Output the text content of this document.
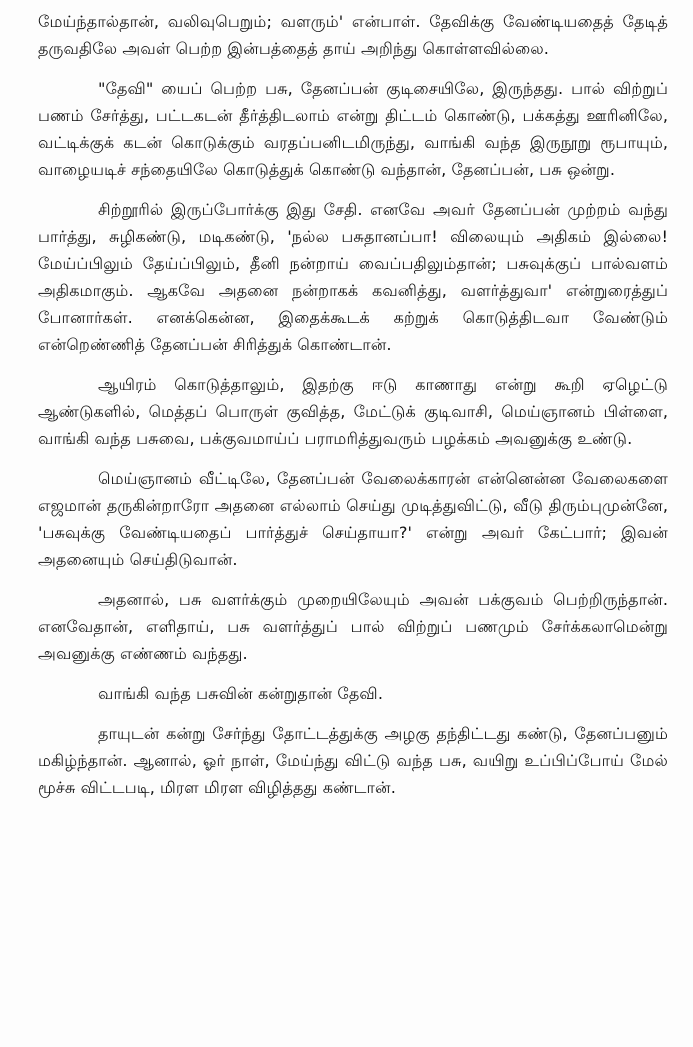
மேய்ந்தால்தான், வலிவுபெறும்; வளரும்' என்பாள். தேவிக்கு வேண்டியதைத் தேடித் தருவதிலே அவள் பெற்ற இன்பத்தைத் தாய் அறிந்து கொள்ளவில்லை.

"தேவி" யைப் பெற்ற பசு, தேனப்பன் குடிசையிலே, இருந்தது. பால் விற்றுப் பணம் சேர்த்து, பட்டகடன் தீர்த்திடலாம் என்று திட்டம் கொண்டு, பக்கத்து ஊரினிலே, வட்டிக்குக் கடன் கொடுக்கும் வரதப்பனிடமிருந்து, வாங்கி வந்த இருநூறு ரூபாயும், வாழையடிச் சந்தையிலே கொடுத்துக் கொண்டு வந்தான், தேனப்பன், பசு ஒன்று.

சிற்றூரில் இருப்போர்க்கு இது சேதி. எனவே அவர் தேனப்பன் முற்றம் வந்து பார்த்து, சுழிகண்டு, மடிகண்டு, 'நல்ல பசுதானப்பா! விலையும் அதிகம் இல்லை! மேய்ப்பிலும் தேய்ப்பிலும், தீனி நன்றாய் வைப்பதிலும்தான்; பசுவுக்குப் பால்வளம் அதிகமாகும். ஆகவே அதனை நன்றாகக் கவனித்து, வளர்த்துவா' என்றுரைத்துப் போனார்கள். எனக்கென்ன, இதைக்கூடக் கற்றுக் கொடுத்திடவா வேண்டும் என்றெண்ணித் தேனப்பன் சிரித்துக் கொண்டான்.

ஆயிரம் கொடுத்தாலும், இதற்கு ஈடு காணாது என்று கூறி ஏழெட்டு ஆண்டுகளில், மெத்தப் பொருள் குவித்த, மேட்டுக் குடிவாசி, மெய்ஞானம் பிள்ளை, வாங்கி வந்த பசுவை, பக்குவமாய்ப் பராமரித்துவரும் பழக்கம் அவனுக்கு உண்டு.

மெய்ஞானம் வீட்டிலே, தேனப்பன் வேலைக்காரன் என்னென்ன வேலைகளை எஜமான் தருகின்றாரோ அதனை எல்லாம் செய்து முடித்துவிட்டு, வீடு திரும்புமுன்னே, 'பசுவுக்கு வேண்டியதைப் பார்த்துச் செய்தாயா?' என்று அவர் கேட்பார்; இவன் அதனையும் செய்திடுவான்.

அதனால், பசு வளர்க்கும் முறையிலேயும் அவன் பக்குவம் பெற்றிருந்தான். எனவேதான், எளிதாய், பசு வளர்த்துப் பால் விற்றுப் பணமும் சேர்க்கலாமென்று அவனுக்கு எண்ணம் வந்தது.

வாங்கி வந்த பசுவின் கன்றுதான் தேவி.

தாயுடன் கன்று சேர்ந்து தோட்டத்துக்கு அழகு தந்திட்டது கண்டு, தேனப்பனும் மகிழ்ந்தான். ஆனால், ஓர் நாள், மேய்ந்து விட்டு வந்த பசு, வயிறு உப்பிப்போய் மேல் மூச்சு விட்டபடி, மிரள மிரள விழித்தது கண்டான்.
